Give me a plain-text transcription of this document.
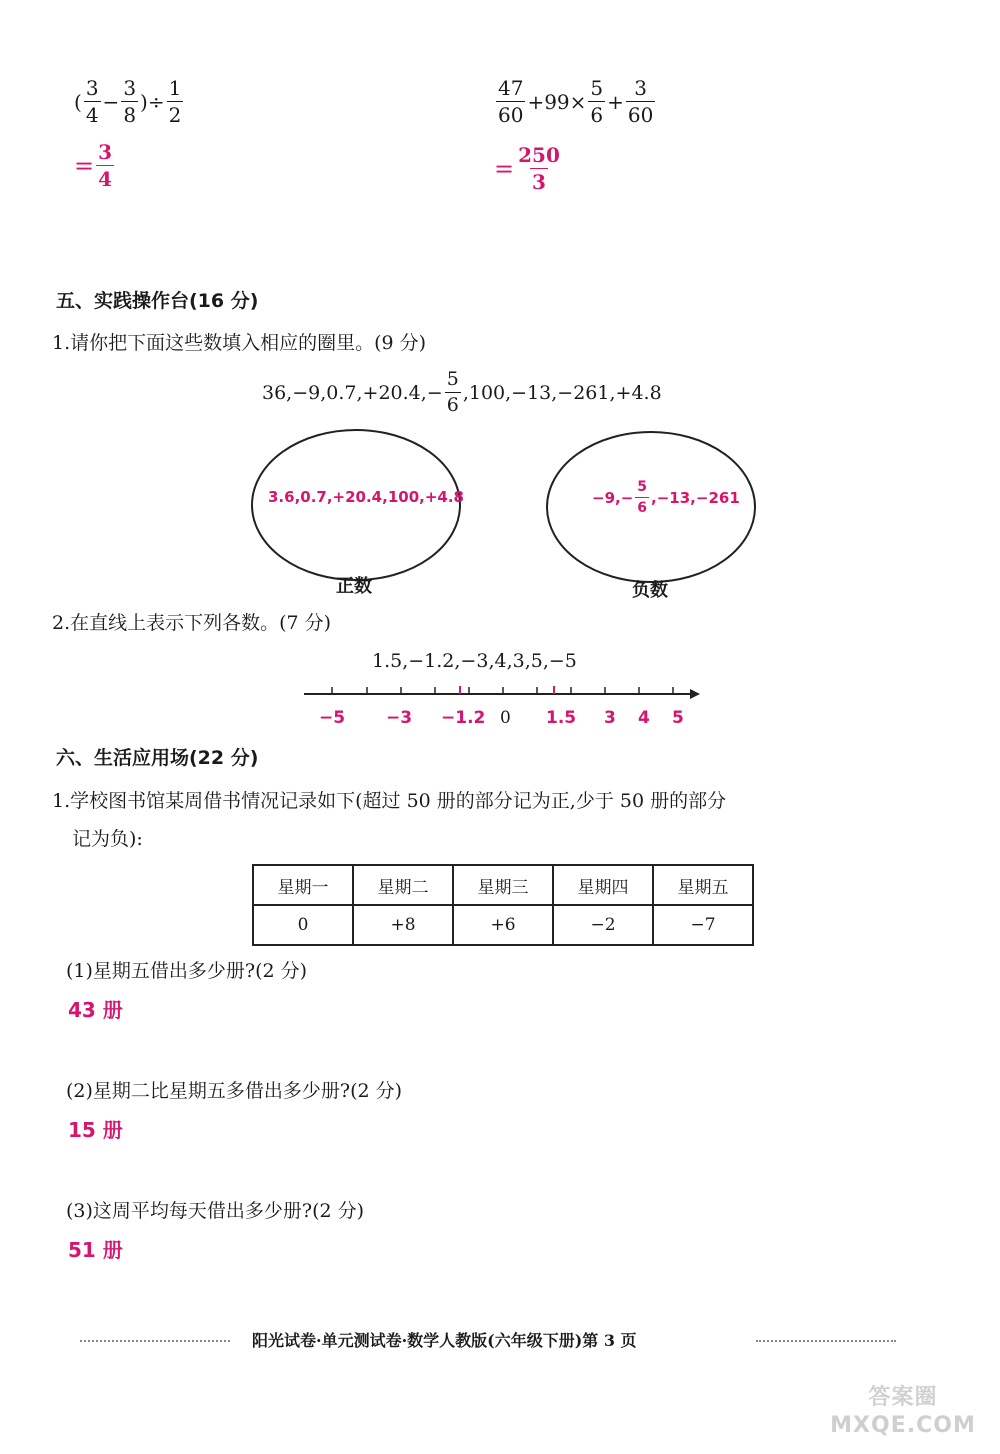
( $\frac{3}{4} - \frac{3}{8}$ )÷ $\frac{1}{2}$
= $\frac{3}{4}$
$\frac{47}{60} +99\times \frac{5}{6} + \frac{3}{60}$
= $\frac{250}{3}$
五、实践操作台(16 分)
1.请你把下面这些数填入相应的圈里。(9 分)
$36,-9,0.7,+20.4,- \frac{5}{6} ,100,-13,-261,+4.8$
3.6,0.7,+20.4,100,+4.8	$-9,- \frac{5}{6} ,-13,-261$
正数	负数
2.在直线上表示下列各数。(7 分)
1.5,−1.2,−3,4,3,5,−5
−5 −3 −1.2 0 1.5 3 4 5
六、生活应用场(22 分)
1.学校图书馆某周借书情况记录如下(超过 50 册的部分记为正,少于 50 册的部分
记为负):
星期一	星期二	星期三	星期四	星期五
0	+8	+6	−2	−7
(1)星期五借出多少册?(2 分)
43 册
(2)星期二比星期五多借出多少册?(2 分)
15 册
(3)这周平均每天借出多少册?(2 分)
51 册
阳光试卷·单元测试卷·数学人教版(六年级下册)第 3 页
答案圈 MXQE.COM
